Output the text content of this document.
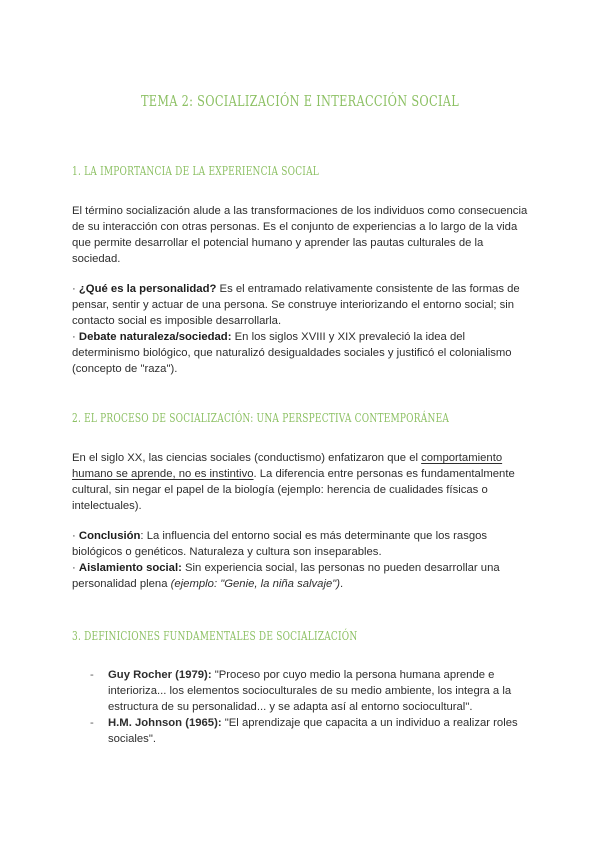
TEMA 2: SOCIALIZACIÓN E INTERACCIÓN SOCIAL
1. LA IMPORTANCIA DE LA EXPERIENCIA SOCIAL

El término socialización alude a las transformaciones de los individuos como consecuencia de su interacción con otras personas. Es el conjunto de experiencias a lo largo de la vida que permite desarrollar el potencial humano y aprender las pautas culturales de la sociedad.

· ¿Qué es la personalidad? Es el entramado relativamente consistente de las formas de pensar, sentir y actuar de una persona. Se construye interiorizando el entorno social; sin contacto social es imposible desarrollarla.

· Debate naturaleza/sociedad: En los siglos XVIII y XIX prevaleció la idea del determinismo biológico, que naturalizó desigualdades sociales y justificó el colonialismo (concepto de "raza").

2. EL PROCESO DE SOCIALIZACIÓN: UNA PERSPECTIVA CONTEMPORÁNEA

En el siglo XX, las ciencias sociales (conductismo) enfatizaron que el comportamiento humano se aprende, no es instintivo. La diferencia entre personas es fundamentalmente cultural, sin negar el papel de la biología (ejemplo: herencia de cualidades físicas o intelectuales).

· Conclusión: La influencia del entorno social es más determinante que los rasgos biológicos o genéticos. Naturaleza y cultura son inseparables.

· Aislamiento social: Sin experiencia social, las personas no pueden desarrollar una personalidad plena (ejemplo: "Genie, la niña salvaje").

3. DEFINICIONES FUNDAMENTALES DE SOCIALIZACIÓN

- Guy Rocher (1979): "Proceso por cuyo medio la persona humana aprende e interioriza... los elementos socioculturales de su medio ambiente, los integra a la estructura de su personalidad... y se adapta así al entorno sociocultural".

- H.M. Johnson (1965): "El aprendizaje que capacita a un individuo a realizar roles sociales".
